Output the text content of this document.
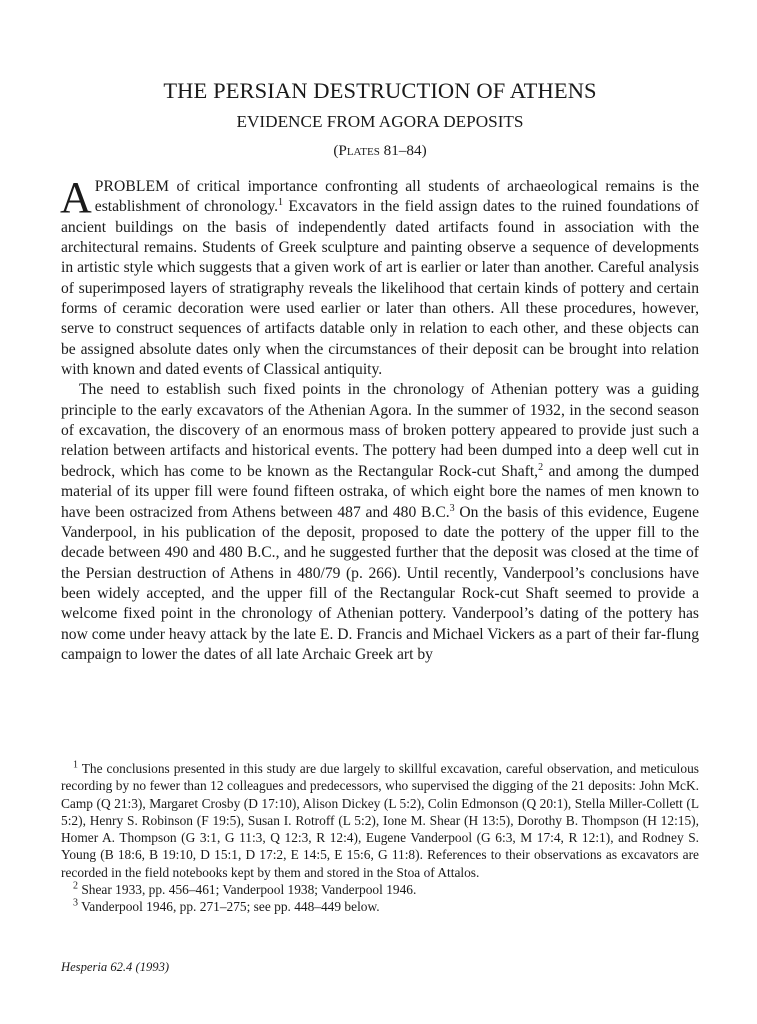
THE PERSIAN DESTRUCTION OF ATHENS
EVIDENCE FROM AGORA DEPOSITS
(Plates 81–84)

APROBLEM of critical importance confronting all students of archaeological remains is the establishment of chronology.$^1$ Excavators in the field assign dates to the ruined foundations of ancient buildings on the basis of independently dated artifacts found in association with the architectural remains. Students of Greek sculpture and painting observe a sequence of developments in artistic style which suggests that a given work of art is earlier or later than another. Careful analysis of superimposed layers of stratigraphy reveals the likelihood that certain kinds of pottery and certain forms of ceramic decoration were used earlier or later than others. All these procedures, however, serve to construct sequences of artifacts datable only in relation to each other, and these objects can be assigned absolute dates only when the circumstances of their deposit can be brought into relation with known and dated events of Classical antiquity.

The need to establish such fixed points in the chronology of Athenian pottery was a guiding principle to the early excavators of the Athenian Agora. In the summer of 1932, in the second season of excavation, the discovery of an enormous mass of broken pottery appeared to provide just such a relation between artifacts and historical events. The pottery had been dumped into a deep well cut in bedrock, which has come to be known as the Rectangular Rock-cut Shaft,$^2$ and among the dumped material of its upper fill were found fifteen ostraka, of which eight bore the names of men known to have been ostracized from Athens between 487 and 480 B.C.$^3$ On the basis of this evidence, Eugene Vanderpool, in his publication of the deposit, proposed to date the pottery of the upper fill to the decade between 490 and 480 B.C., and he suggested further that the deposit was closed at the time of the Persian destruction of Athens in 480/79 (p. 266). Until recently, Vanderpool’s conclusions have been widely accepted, and the upper fill of the Rectangular Rock-cut Shaft seemed to provide a welcome fixed point in the chronology of Athenian pottery. Vanderpool’s dating of the pottery has now come under heavy attack by the late E. D. Francis and Michael Vickers as a part of their far-flung campaign to lower the dates of all late Archaic Greek art by

$^1$ The conclusions presented in this study are due largely to skillful excavation, careful observation, and meticulous recording by no fewer than 12 colleagues and predecessors, who supervised the digging of the 21 deposits: John McK. Camp (Q 21:3), Margaret Crosby (D 17:10), Alison Dickey (L 5:2), Colin Edmonson (Q 20:1), Stella Miller-Collett (L 5:2), Henry S. Robinson (F 19:5), Susan I. Rotroff (L 5:2), Ione M. Shear (H 13:5), Dorothy B. Thompson (H 12:15), Homer A. Thompson (G 3:1, G 11:3, Q 12:3, R 12:4), Eugene Vanderpool (G 6:3, M 17:4, R 12:1), and Rodney S. Young (B 18:6, B 19:10, D 15:1, D 17:2, E 14:5, E 15:6, G 11:8). References to their observations as excavators are recorded in the field notebooks kept by them and stored in the Stoa of Attalos.

$^2$ Shear 1933, pp. 456–461; Vanderpool 1938; Vanderpool 1946.

$^3$ Vanderpool 1946, pp. 271–275; see pp. 448–449 below.

Hesperia 62.4 (1993)
